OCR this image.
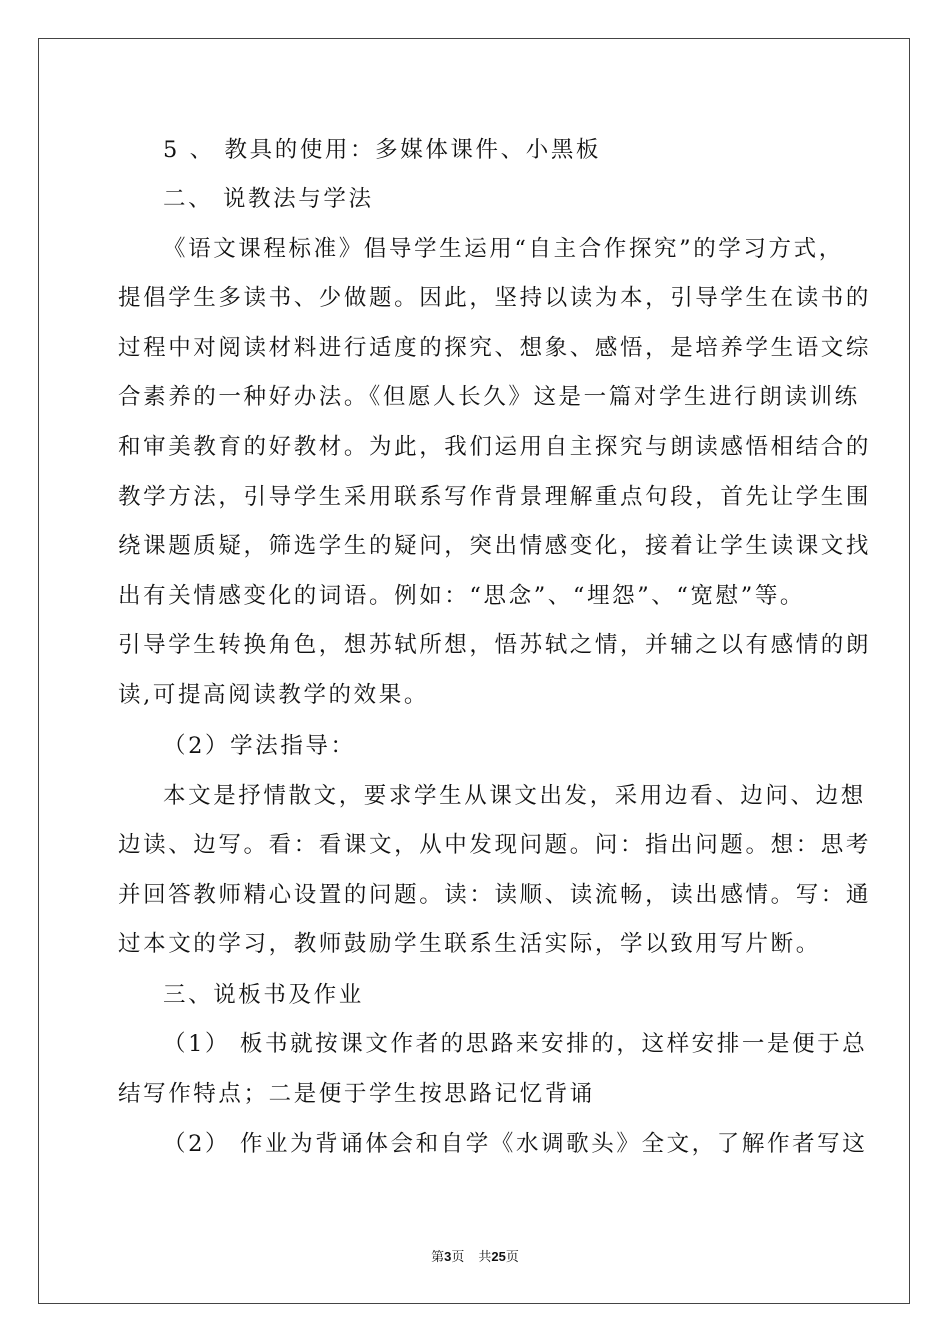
5 、 教具的使用：多媒体课件、小黑板
二、 说教法与学法
《语文课程标准》倡导学生运用“自主合作探究”的学习方式，
提倡学生多读书、少做题。因此，坚持以读为本，引导学生在读书的
过程中对阅读材料进行适度的探究、想象、感悟，是培养学生语文综
合素养的一种好办法。《但愿人长久》这是一篇对学生进行朗读训练
和审美教育的好教材。为此，我们运用自主探究与朗读感悟相结合的
教学方法，引导学生采用联系写作背景理解重点句段，首先让学生围
绕课题质疑，筛选学生的疑问，突出情感变化，接着让学生读课文找
出有关情感变化的词语。例如：“思念”、“埋怨”、“宽慰”等。
引导学生转换角色，想苏轼所想，悟苏轼之情，并辅之以有感情的朗
读,可提高阅读教学的效果。
（2）学法指导：
本文是抒情散文，要求学生从课文出发，采用边看、边问、边想
边读、边写。看：看课文，从中发现问题。问：指出问题。想：思考
并回答教师精心设置的问题。读：读顺、读流畅，读出感情。写：通
过本文的学习，教师鼓励学生联系生活实际，学以致用写片断。
三、说板书及作业
（1） 板书就按课文作者的思路来安排的，这样安排一是便于总
结写作特点；二是便于学生按思路记忆背诵
（2） 作业为背诵体会和自学《水调歌头》全文，了解作者写这
第3页 共25页
